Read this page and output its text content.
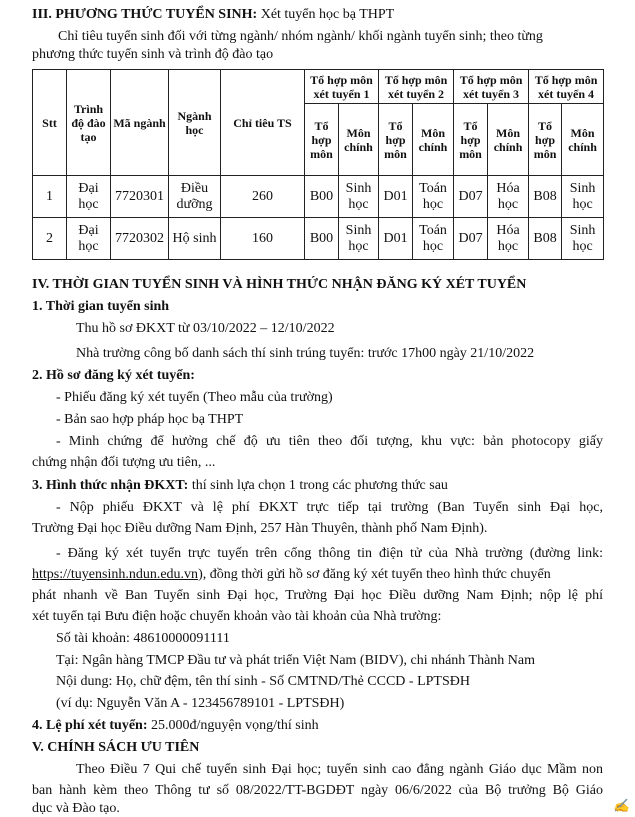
III. PHƯƠNG THỨC TUYỂN SINH: Xét tuyển học bạ THPT
Chỉ tiêu tuyển sinh đối với từng ngành/ nhóm ngành/ khối ngành tuyển sinh; theo từng
phương thức tuyển sinh và trình độ đào tạo
Stt	Trình độ đào tạo	Mã ngành	Ngành học	Chỉ tiêu TS	Tổ hợp môn xét tuyển 1		Tổ hợp môn xét tuyển 2		Tổ hợp môn xét tuyển 3		Tổ hợp môn xét tuyển 4	
					Tổ hợp môn	Môn chính	Tổ hợp môn	Môn chính	Tổ hợp môn	Môn chính	Tổ hợp môn	Môn chính
1	Đại học	7720301	Điều dưỡng	260	B00	Sinh học	D01	Toán học	D07	Hóa học	B08	Sinh học
2	Đại học	7720302	Hộ sinh	160	B00	Sinh học	D01	Toán học	D07	Hóa học	B08	Sinh học
IV. THỜI GIAN TUYỂN SINH VÀ HÌNH THỨC NHẬN ĐĂNG KÝ XÉT TUYỂN
1. Thời gian tuyển sinh
Thu hồ sơ ĐKXT từ 03/10/2022 – 12/10/2022
Nhà trường công bố danh sách thí sinh trúng tuyển: trước 17h00 ngày 21/10/2022
2. Hồ sơ đăng ký xét tuyển:
- Phiếu đăng ký xét tuyển (Theo mẫu của trường)
- Bản sao hợp pháp học bạ THPT
- Minh chứng để hưởng chế độ ưu tiên theo đối tượng, khu vực: bản photocopy giấy
chứng nhận đối tượng ưu tiên, ...
3. Hình thức nhận ĐKXT: thí sinh lựa chọn 1 trong các phương thức sau
- Nộp phiếu ĐKXT và lệ phí ĐKXT trực tiếp tại trường (Ban Tuyển sinh Đại học,
Trường Đại học Điều dưỡng Nam Định, 257 Hàn Thuyên, thành phố Nam Định).
- Đăng ký xét tuyển trực tuyến trên cổng thông tin điện tử của Nhà trường (đường link:
https://tuyensinh.ndun.edu.vn), đồng thời gửi hồ sơ đăng ký xét tuyển theo hình thức chuyển
phát nhanh về Ban Tuyển sinh Đại học, Trường Đại học Điều dưỡng Nam Định; nộp lệ phí
xét tuyển tại Bưu điện hoặc chuyển khoản vào tài khoản của Nhà trường:
Số tài khoản: 48610000091111
Tại: Ngân hàng TMCP Đầu tư và phát triển Việt Nam (BIDV), chi nhánh Thành Nam
Nội dung: Họ, chữ đệm, tên thí sinh - Số CMTND/Thẻ CCCD - LPTSĐH
(ví dụ: Nguyễn Văn A - 123456789101 - LPTSĐH)
4. Lệ phí xét tuyển: 25.000đ/nguyện vọng/thí sinh
V. CHÍNH SÁCH ƯU TIÊN
Theo Điều 7 Qui chế tuyển sinh Đại học; tuyển sinh cao đẳng ngành Giáo dục Mầm non
ban hành kèm theo Thông tư số 08/2022/TT-BGDĐT ngày 06/6/2022 của Bộ trưởng Bộ Giáo
dục và Đào tạo.	✍
